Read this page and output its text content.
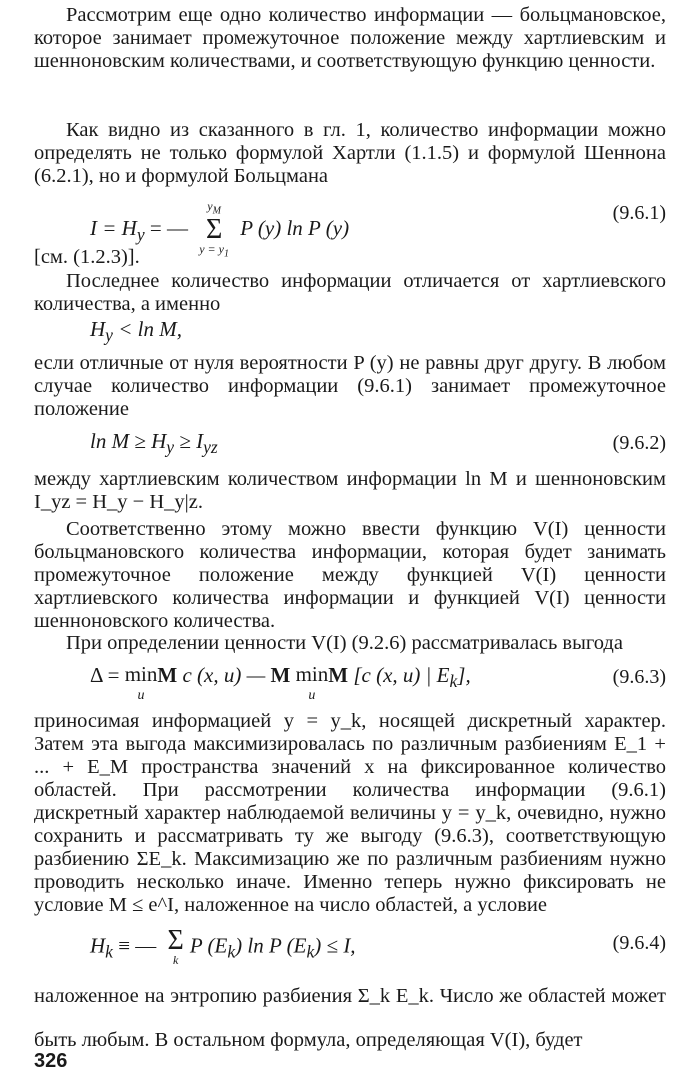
Рассмотрим еще одно количество информации — больцмановское, которое занимает промежуточное положение между хартлиевским и шенноновским количествами, и соответствующую функцию ценности.

Как видно из сказанного в гл. 1, количество информации можно определять не только формулой Хартли (1.1.5) и формулой Шеннона (6.2.1), но и формулой Больцмана

$I = H_y$ = —
$y_M$
Σ
$y = y_1$
P (y) ln P (y)
(9.6.1)

[см. (1.2.3)].

Последнее количество информации отличается от хартлиевского количества, а именно

$H_y < \ln M$,

если отличные от нуля вероятности P (y) не равны друг другу. В любом случае количество информации (9.6.1) занимает промежуточное положение

$\ln M \ge H_y \ge I_{yz}$	(9.6.2)

между хартлиевским количеством информации ln M и шенноновским I_yz = H_y − H_y|z.

Соответственно этому можно ввести функцию V(I) ценности больцмановского количества информации, которая будет занимать промежуточное положение между функцией V(I) ценности хартлиевского количества информации и функцией V(I) ценности шенноновского количества.

При определении ценности V(I) (9.2.6) рассматривалась выгода

Δ = min
u
M c (x, u) — M min
u
M [c (x, u) | $E_k$],	(9.6.3)

приносимая информацией y = y_k, носящей дискретный характер. Затем эта выгода максимизировалась по различным разбиениям E_1 + ... + E_M пространства значений x на фиксированное количество областей. При рассмотрении количества информации (9.6.1) дискретный характер наблюдаемой величины y = y_k, очевидно, нужно сохранить и рассматривать ту же выгоду (9.6.3), соответствующую разбиению ΣE_k. Максимизацию же по различным разбиениям нужно проводить несколько иначе. Именно теперь нужно фиксировать не условие M ≤ e^I, наложенное на число областей, а условие

$H_k$ ≡ — Σ
k
P $(E_k)$ ln P $(E_k) \le I$,	(9.6.4)

наложенное на энтропию разбиения Σ_k E_k. Число же областей может быть любым. В остальном формула, определяющая V(I), будет

326
